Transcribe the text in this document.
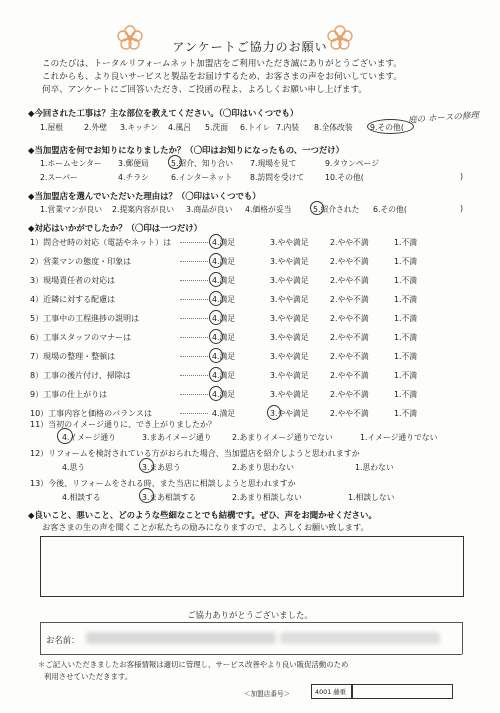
アンケートご協力のお願い
このたびは、トータルリフォームネット加盟店をご利用いただき誠にありがとうございます。
これからも、より良いサービスと製品をお届けするため、お客さまの声をお伺いしています。
何卒、アンケートにご回答いただき、ご投函の程よ、よろしくお願い申し上げます。
◆今回された工事は？主な部位を教えてください。（〇印はいくつでも）
1.屋根	2.外壁 3.キッチン 4.風呂 5.洗面 6.トイレ 7.内装 8.全体改装 9.その他(
庭の ホースの修理
◆当加盟店を何でお知りになりましたか？（〇印はお知りになったもの、一つだけ）
1.ホームセンター 3.郵便局	5.紹介、知り合い 7.現場を見て	9.タウンページ
2.スーパー	4.チラシ	6.インターネット 8.訪問を受けて	10.その他(	)
◆当加盟店を選んでいただいた理由は？（〇印はいくつでも）
1.営業マンが良い 2.提案内容が良い 3.商品が良い 4.価格が妥当	5.紹介された 6.その他(	)
◆対応はいかがでしたか？（〇印は一つだけ）
1）問合せ時の対応（電話やネット）は	4.満足	3.やや満足	2.やや不満	1.不満
2）営業マンの態度・印象は	4.満足	3.やや満足	2.やや不満	1.不満
3）現場責任者の対応は	4.満足	3.やや満足	2.やや不満	1.不満
4）近隣に対する配慮は	4.満足	3.やや満足	2.やや不満	1.不満
5）工事中の工程進捗の説明は	4.満足	3.やや満足	2.やや不満	1.不満
6）工事スタッフのマナーは	4.満足	3.やや満足	2.やや不満	1.不満
7）現場の整理・整頓は	4.満足	3.やや満足	2.やや不満	1.不満
8）工事の後片付け、掃除は	4.満足	3.やや満足	2.やや不満	1.不満
9）工事の仕上がりは	4.満足	3.やや満足	2.やや不満	1.不満
10）工事内容と価格のバランスは	4.満足	3.やや満足	2.やや不満	1.不満
11）当初のイメージ通りに、でき上がりましたか？
4.イメージ通り	3.まあイメージ通り	2.あまりイメージ通りでない	1.イメージ通りでない
12）リフォームを検討されている方がおられた場合、当加盟店を紹介しようと思われますか
4.思う	3.まあ思う	2.あまり思わない	1.思わない
13）今後、リフォームをされる時、また当店に相談しようと思われますか
4.相談する	3.まあ相談する	2.あまり相談しない	1.相談しない
◆良いこと、悪いこと、どのような些細なことでも結構です。ぜひ、声をお聞かせください。
お客さまの生の声を聞くことが私たちの励みになりますので、よろしくお願い致します。
ご協力ありがとうございました。
お名前：
＊ご記入いただきましたお客様情報は適切に管理し、サービス改善やより良い販促活動のため
利用させていただきます。
＜加盟店番号＞	4001 藤重
